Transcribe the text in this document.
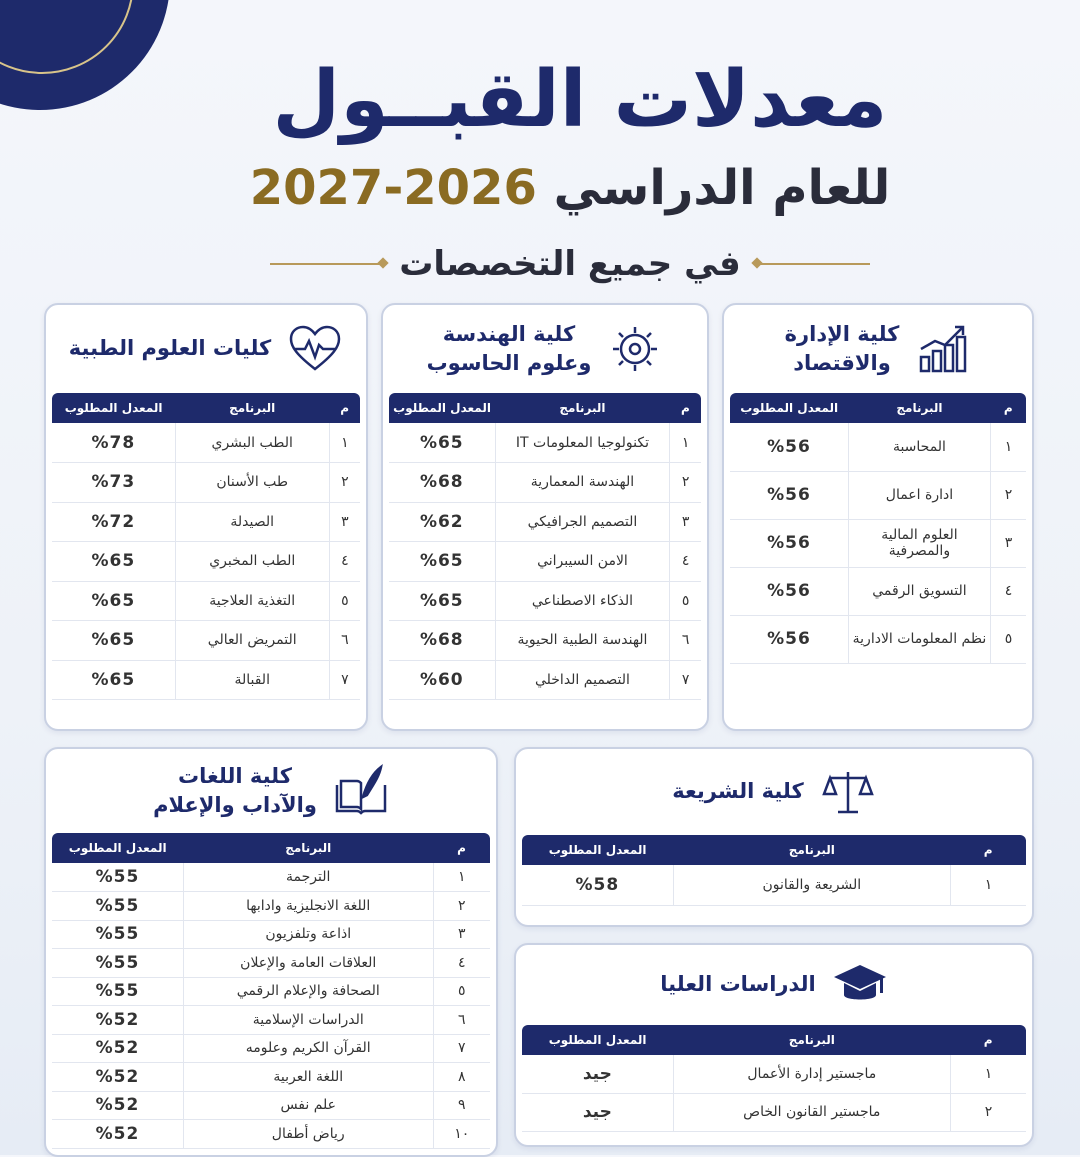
معدلات القبــول
للعام الدراسي 2026-2027
في جميع التخصصات
كلية الإدارة
والاقتصاد
م	البرنامج	المعدل المطلوب
١	المحاسبة	%56
٢	ادارة اعمال	%56
٣	العلوم المالية والمصرفية	%56
٤	التسويق الرقمي	%56
٥	نظم المعلومات الادارية	%56
كلية الهندسة
وعلوم الحاسوب
م	البرنامج	المعدل المطلوب
١	تكنولوجيا المعلومات IT	%65
٢	الهندسة المعمارية	%68
٣	التصميم الجرافيكي	%62
٤	الامن السيبراني	%65
٥	الذكاء الاصطناعي	%65
٦	الهندسة الطبية الحيوية	%68
٧	التصميم الداخلي	%60
كليات العلوم الطبية
م	البرنامج	المعدل المطلوب
١	الطب البشري	%78
٢	طب الأسنان	%73
٣	الصيدلة	%72
٤	الطب المخبري	%65
٥	التغذية العلاجية	%65
٦	التمريض العالي	%65
٧	القبالة	%65
كلية الشريعة
م	البرنامج	المعدل المطلوب
١	الشريعة والقانون	%58
الدراسات العليا
م	البرنامج	المعدل المطلوب
١	ماجستير إدارة الأعمال	جيد
٢	ماجستير القانون الخاص	جيد
كلية اللغات
والآداب والإعلام
م	البرنامج	المعدل المطلوب
١	الترجمة	%55
٢	اللغة الانجليزية وادابها	%55
٣	اذاعة وتلفزيون	%55
٤	العلاقات العامة والإعلان	%55
٥	الصحافة والإعلام الرقمي	%55
٦	الدراسات الإسلامية	%52
٧	القرآن الكريم وعلومه	%52
٨	اللغة العربية	%52
٩	علم نفس	%52
١٠	رياض أطفال	%52
